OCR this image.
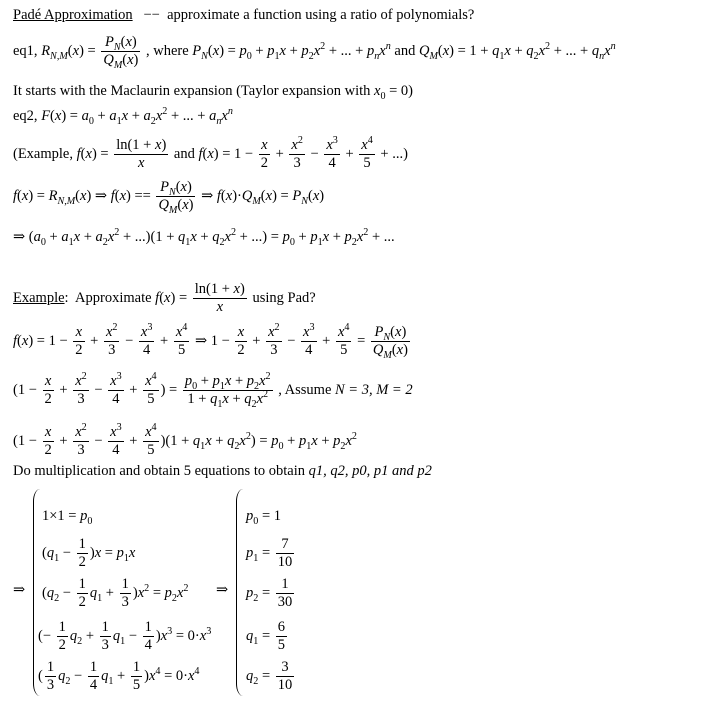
Padé Approximation −− approximate a function using a ratio of polynomials?
eq1, $R_{N,M}(x) = \frac{P_N(x)}{Q_M(x)}$ , where $P_N(x) = p_0 + p_1x + p_2x^2$ + ... + $p_nx^n$ and $Q_M(x) = 1 + q_1x + q_2x^2$ + ... + $q_nx^n$
It starts with the Maclaurin expansion (Taylor expansion with $x_0 = 0$)
eq2, $F(x) = a_0 + a_1x + a_2x^2$ + ... + $a_nx^n$
(Example, $f(x) = \frac{\ln(1 + x)}{x}$ and $f(x) = 1 - \frac{x}{2} + \frac{x^2}{3} - \frac{x^3}{4} + \frac{x^4}{5}$ + ...)
$f(x) = R_{N,M}(x)$ ⇒ $f(x) == \frac{P_N(x)}{Q_M(x)}$ ⇒ $f(x)\cdot Q_M(x) = P_N(x)$
⇒ $(a_0 + a_1x + a_2x^2 + ...)(1 + q_1x + q_2x^2$ + ...) = $p_0 + p_1x + p_2x^2$ + ...
Example: Approximate $f(x) = \frac{\ln(1 + x)}{x}$ using Pad?
$f(x) = 1 - \frac{x}{2} + \frac{x^2}{3} - \frac{x^3}{4} + \frac{x^4}{5}$ ⇒ $1 - \frac{x}{2} + \frac{x^2}{3} - \frac{x^3}{4} + \frac{x^4}{5} = \frac{P_N(x)}{Q_M(x)}$
($1 - \frac{x}{2} + \frac{x^2}{3} - \frac{x^3}{4} + \frac{x^4}{5}$ ) = $\frac{p_0 + p_1x + p_2x^2}{1 + q_1x + q_2x^2}$ , Assume N = 3, M = 2
$(1 - \frac{x}{2} + \frac{x^2}{3} - \frac{x^3}{4} + \frac{x^4}{5} )(1 + q_1x + q_2x^2) = p_0 + p_1x + p_2x^2$
Do multiplication and obtain 5 equations to obtain q1, q2, p0, p1 and p2
⇒
$1\times 1 = p_0$
$(q_1 - \frac{1}{2} )x = p_1x$
$(q_2 - \frac{1}{2} q_1 + \frac{1}{3} )x^2 = p_2x^2$
(− $\frac{1}{2} q_2 + \frac{1}{3} q_1 - \frac{1}{4} )x^3 = 0\cdot x^3$
( $\frac{1}{3} q_2 - \frac{1}{4} q_1 + \frac{1}{5} )x^4 = 0\cdot x^4$
⇒
$p_0 = 1$
$p_1 = \frac{7}{10}$
$p_2 = \frac{1}{30}$
$q_1 = \frac{6}{5}$
$q_2 = \frac{3}{10}$
